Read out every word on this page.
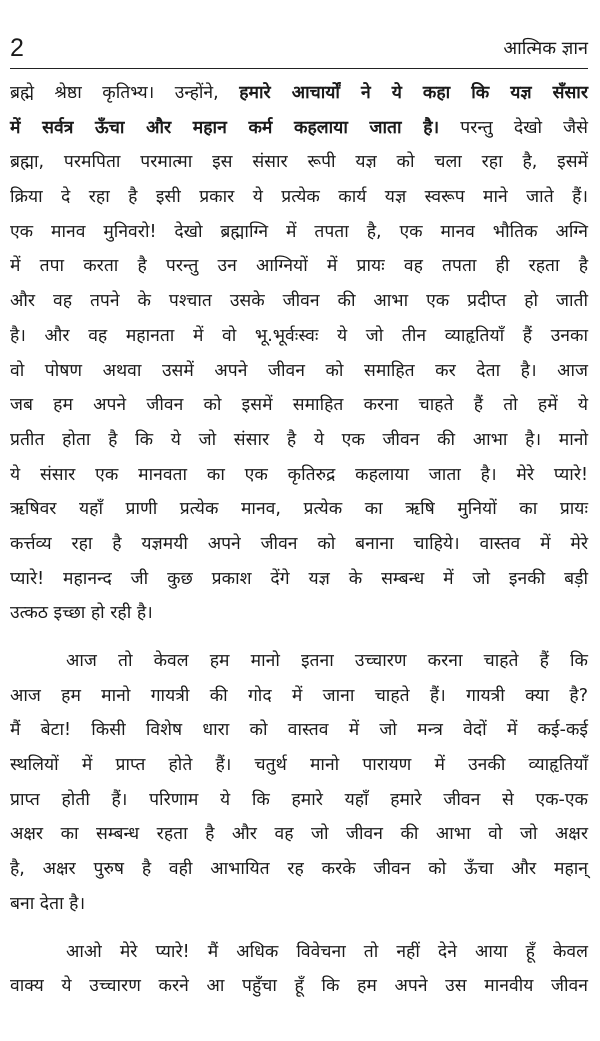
2	आत्मिक ज्ञान
ब्रह्मे श्रेष्ठा कृतिभ्य। उन्होंने, हमारे आचार्यों ने ये कहा कि यज्ञ सँसार
में सर्वत्र ऊँचा और महान कर्म कहलाया जाता है। परन्तु देखो जैसे
ब्रह्मा, परमपिता परमात्मा इस संसार रूपी यज्ञ को चला रहा है, इसमें
क्रिया दे रहा है इसी प्रकार ये प्रत्येक कार्य यज्ञ स्वरूप माने जाते हैं।
एक मानव मुनिवरो! देखो ब्रह्माग्नि में तपता है, एक मानव भौतिक अग्नि
में तपा करता है परन्तु उन आग्नियों में प्रायः वह तपता ही रहता है
और वह तपने के पश्चात उसके जीवन की आभा एक प्रदीप्त हो जाती
है। और वह महानता में वो भू.भूर्वःस्वः ये जो तीन व्याहृतियाँ हैं उनका
वो पोषण अथवा उसमें अपने जीवन को समाहित कर देता है। आज
जब हम अपने जीवन को इसमें समाहित करना चाहते हैं तो हमें ये
प्रतीत होता है कि ये जो संसार है ये एक जीवन की आभा है। मानो
ये संसार एक मानवता का एक कृतिरुद्र कहलाया जाता है। मेरे प्यारे!
ऋषिवर यहाँ प्राणी प्रत्येक मानव, प्रत्येक का ऋषि मुनियों का प्रायः
कर्त्तव्य रहा है यज्ञमयी अपने जीवन को बनाना चाहिये। वास्तव में मेरे
प्यारे! महानन्द जी कुछ प्रकाश देंगे यज्ञ के सम्बन्ध में जो इनकी बड़ी
उत्कठ इच्छा हो रही है।
आज तो केवल हम मानो इतना उच्चारण करना चाहते हैं कि
आज हम मानो गायत्री की गोद में जाना चाहते हैं। गायत्री क्या है?
मैं बेटा! किसी विशेष धारा को वास्तव में जो मन्त्र वेदों में कई-कई
स्थलियों में प्राप्त होते हैं। चतुर्थ मानो पारायण में उनकी व्याहृतियाँ
प्राप्त होती हैं। परिणाम ये कि हमारे यहाँ हमारे जीवन से एक-एक
अक्षर का सम्बन्ध रहता है और वह जो जीवन की आभा वो जो अक्षर
है, अक्षर पुरुष है वही आभायित रह करके जीवन को ऊँचा और महान्
बना देता है।
आओ मेरे प्यारे! मैं अधिक विवेचना तो नहीं देने आया हूँ केवल
वाक्य ये उच्चारण करने आ पहुँचा हूँ कि हम अपने उस मानवीय जीवन
